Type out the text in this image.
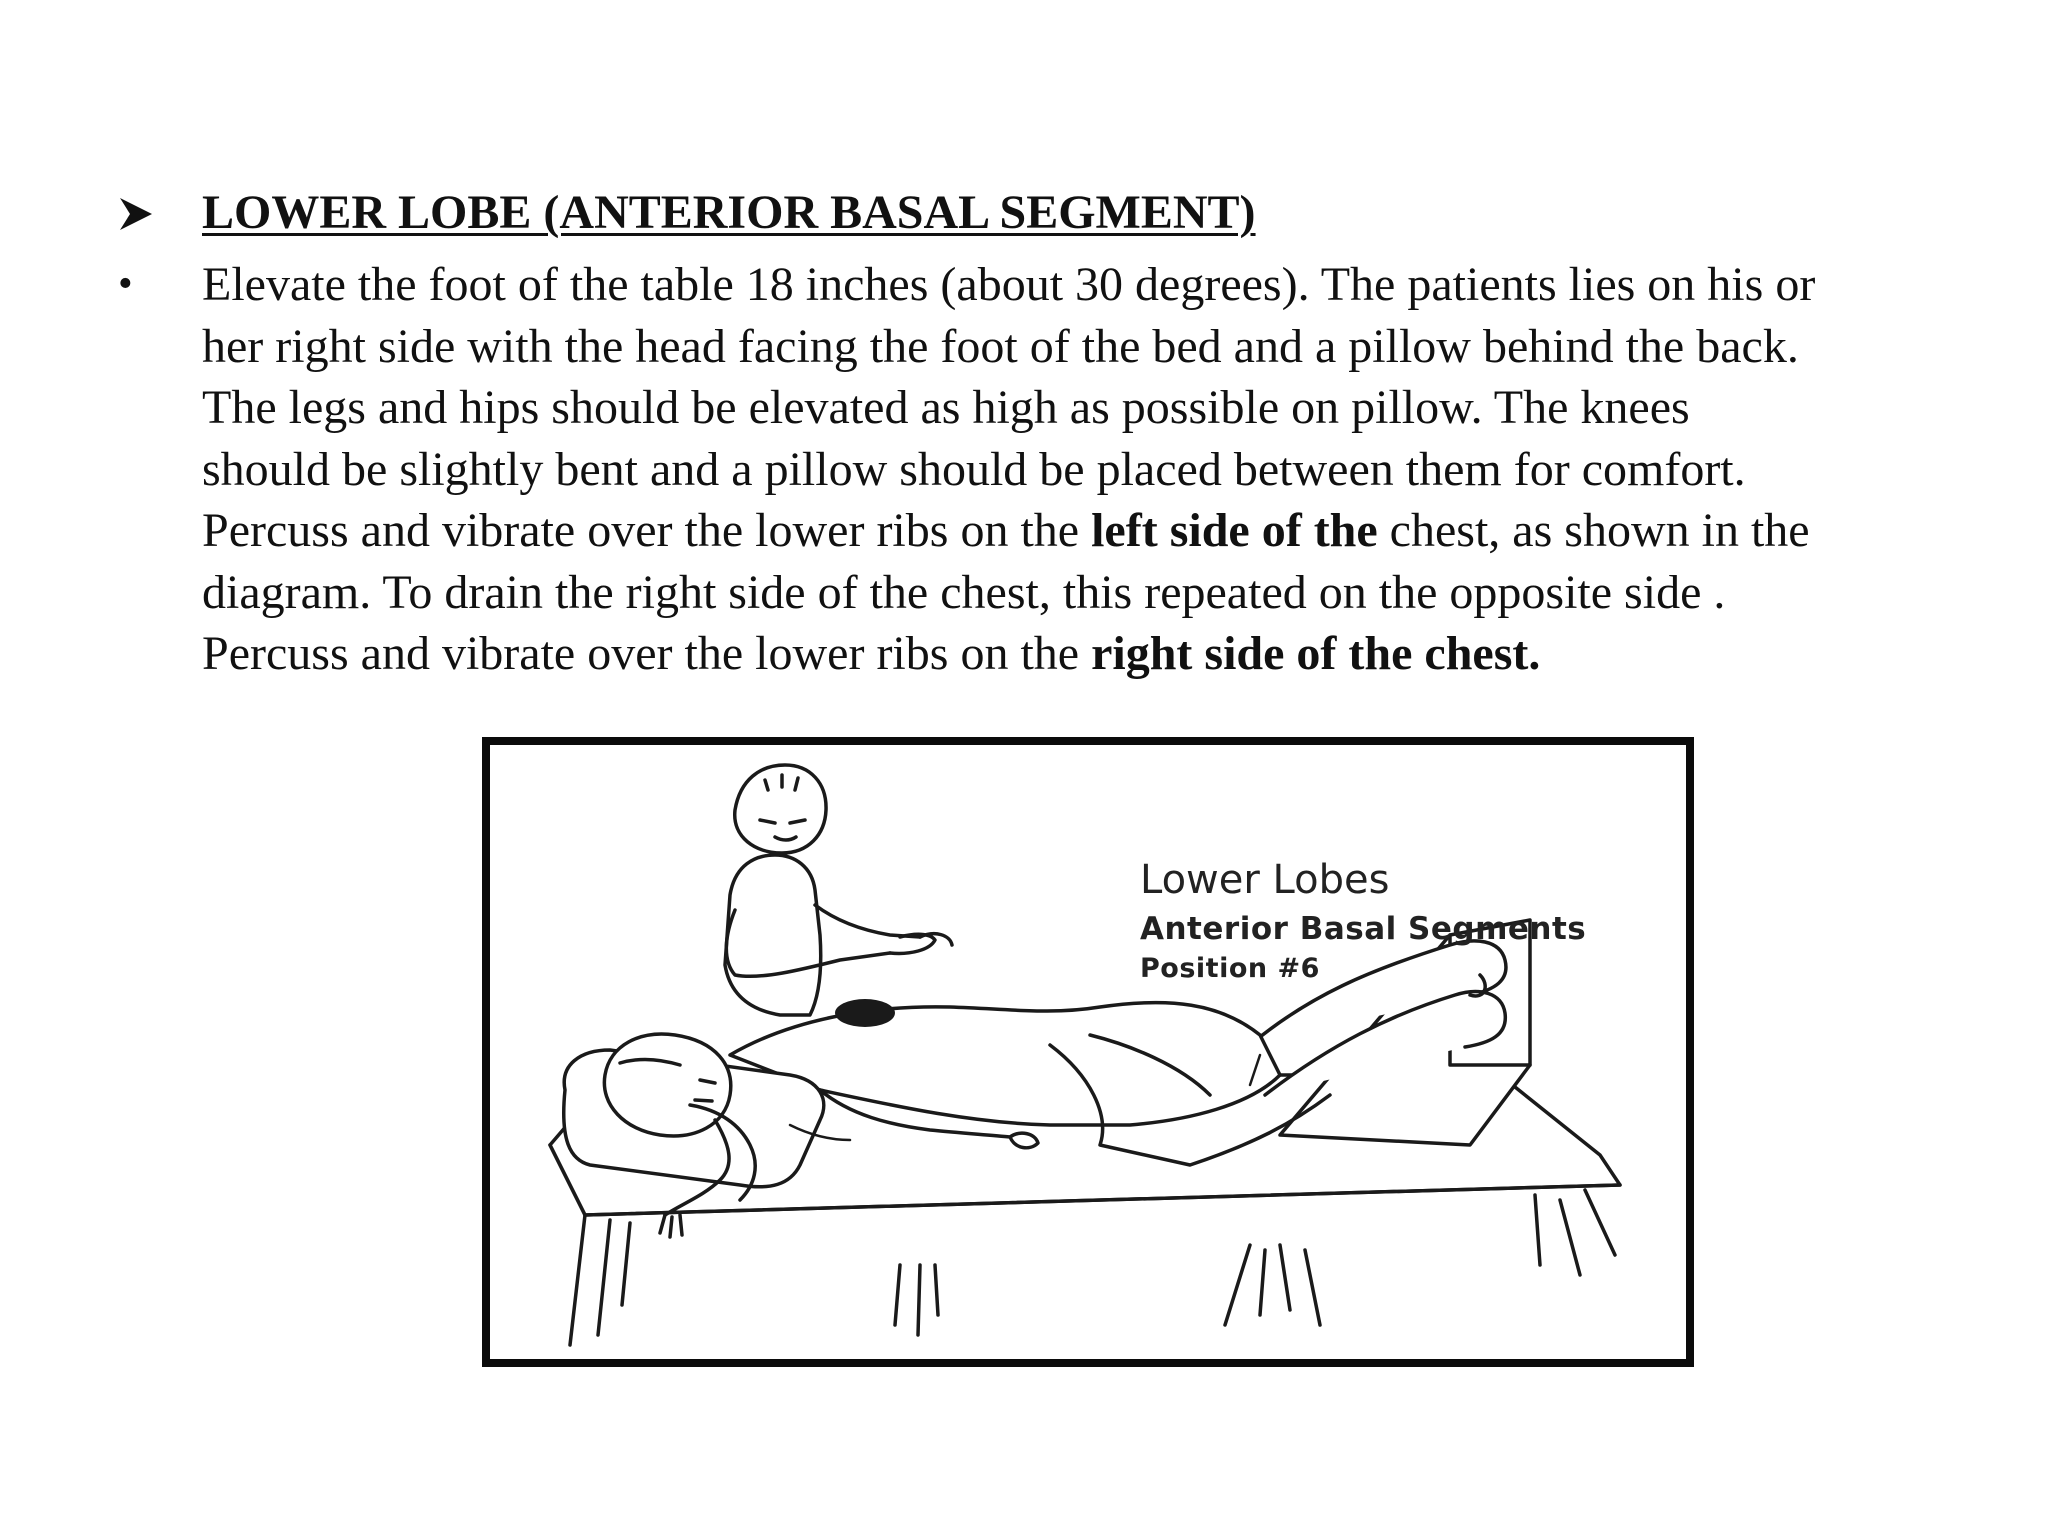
LOWER LOBE (ANTERIOR BASAL SEGMENT)
•	Elevate the foot of the table 18 inches (about 30 degrees). The patients lies on his or
her right side with the head facing the foot of the bed and a pillow behind the back.
The legs and hips should be elevated as high as possible on pillow. The knees
should be slightly bent and a pillow should be placed between them for comfort.
Percuss and vibrate over the lower ribs on the left side of the chest, as shown in the
diagram. To drain the right side of the chest, this repeated on the opposite side .
Percuss and vibrate over the lower ribs on the right side of the chest.
Lower Lobes
Anterior Basal Segments
Position #6
